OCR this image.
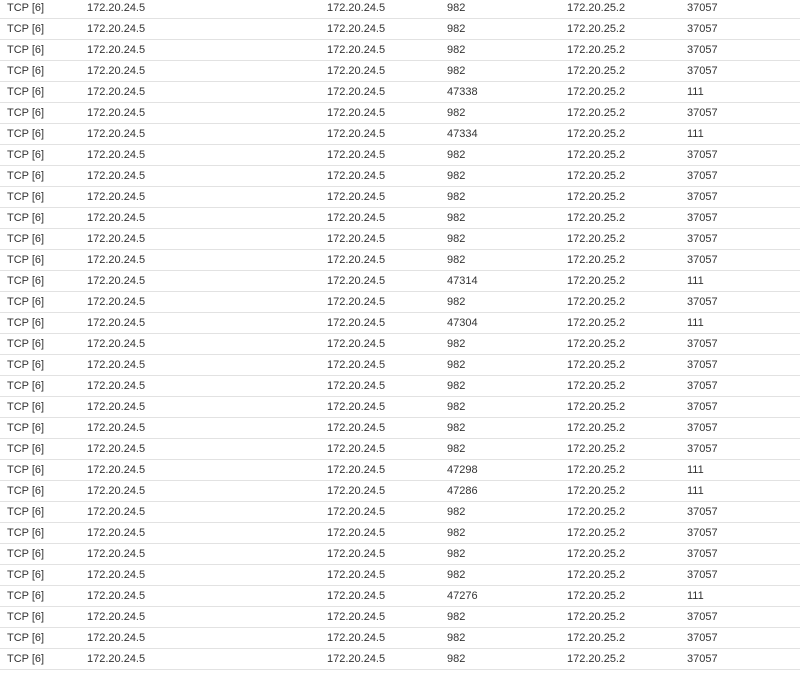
TCP [6]	172.20.24.5	172.20.24.5	982	172.20.25.2	37057
TCP [6]	172.20.24.5	172.20.24.5	982	172.20.25.2	37057
TCP [6]	172.20.24.5	172.20.24.5	982	172.20.25.2	37057
TCP [6]	172.20.24.5	172.20.24.5	982	172.20.25.2	37057
TCP [6]	172.20.24.5	172.20.24.5	47338	172.20.25.2	111
TCP [6]	172.20.24.5	172.20.24.5	982	172.20.25.2	37057
TCP [6]	172.20.24.5	172.20.24.5	47334	172.20.25.2	111
TCP [6]	172.20.24.5	172.20.24.5	982	172.20.25.2	37057
TCP [6]	172.20.24.5	172.20.24.5	982	172.20.25.2	37057
TCP [6]	172.20.24.5	172.20.24.5	982	172.20.25.2	37057
TCP [6]	172.20.24.5	172.20.24.5	982	172.20.25.2	37057
TCP [6]	172.20.24.5	172.20.24.5	982	172.20.25.2	37057
TCP [6]	172.20.24.5	172.20.24.5	982	172.20.25.2	37057
TCP [6]	172.20.24.5	172.20.24.5	47314	172.20.25.2	111
TCP [6]	172.20.24.5	172.20.24.5	982	172.20.25.2	37057
TCP [6]	172.20.24.5	172.20.24.5	47304	172.20.25.2	111
TCP [6]	172.20.24.5	172.20.24.5	982	172.20.25.2	37057
TCP [6]	172.20.24.5	172.20.24.5	982	172.20.25.2	37057
TCP [6]	172.20.24.5	172.20.24.5	982	172.20.25.2	37057
TCP [6]	172.20.24.5	172.20.24.5	982	172.20.25.2	37057
TCP [6]	172.20.24.5	172.20.24.5	982	172.20.25.2	37057
TCP [6]	172.20.24.5	172.20.24.5	982	172.20.25.2	37057
TCP [6]	172.20.24.5	172.20.24.5	47298	172.20.25.2	111
TCP [6]	172.20.24.5	172.20.24.5	47286	172.20.25.2	111
TCP [6]	172.20.24.5	172.20.24.5	982	172.20.25.2	37057
TCP [6]	172.20.24.5	172.20.24.5	982	172.20.25.2	37057
TCP [6]	172.20.24.5	172.20.24.5	982	172.20.25.2	37057
TCP [6]	172.20.24.5	172.20.24.5	982	172.20.25.2	37057
TCP [6]	172.20.24.5	172.20.24.5	47276	172.20.25.2	111
TCP [6]	172.20.24.5	172.20.24.5	982	172.20.25.2	37057
TCP [6]	172.20.24.5	172.20.24.5	982	172.20.25.2	37057
TCP [6]	172.20.24.5	172.20.24.5	982	172.20.25.2	37057
